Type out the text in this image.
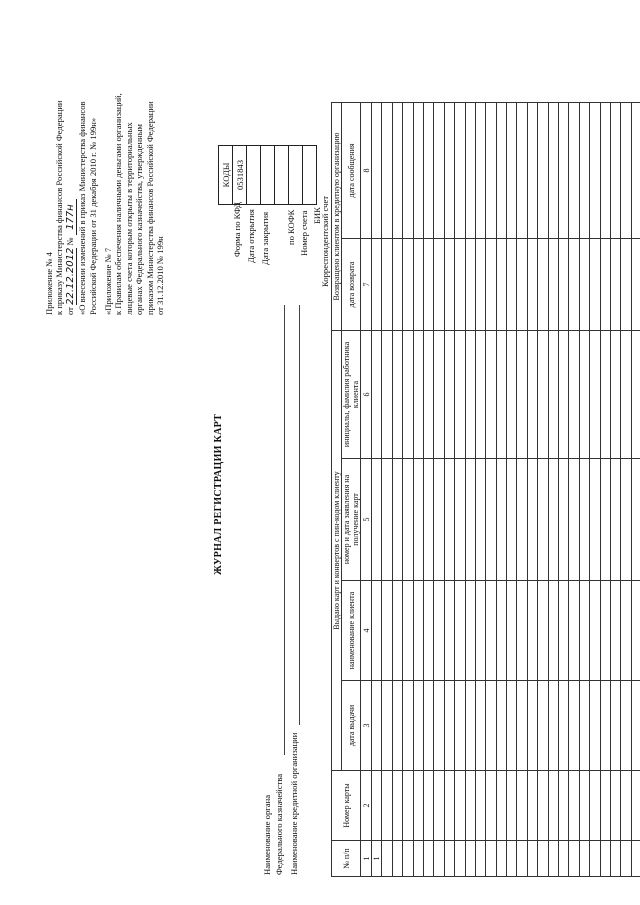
Приложение № 4 к приказу Министерства финансов Российской Федерации от 22.12.2012 № 177н «О внесении изменений в приказ Министерства финансов Российской Федерации от 31 декабря 2010 г. № 199н» «Приложение № 7 к Правилам обеспечения наличными деньгами организаций, лицевые счета которым открыты в территориальных органах Федерального казначейства, утвержденным приказом Министерства финансов Российской Федерации от 31.12.2010 № 199н
ЖУРНАЛ РЕГИСТРАЦИИ КАРТ
КОДЫ
0531843

Форма по КФД Дата открытия Дата закрытия по КОФК Номер счета БИК
Корреспондентский счет
Наименование органа Федерального казначейства Наименование кредитной организации	№ п/п	Номер карты	Выдано карт и конвертов с пин-кодом клиенту				Возвращено клиентом в кредитную организацию	
		дата выдачи	наименование клиента	номер и дата заявления на получение карт	инициалы, фамилия работника клиента	дата возврата	дата сообщения
1	2	3	4	5	6	7	8
1							
